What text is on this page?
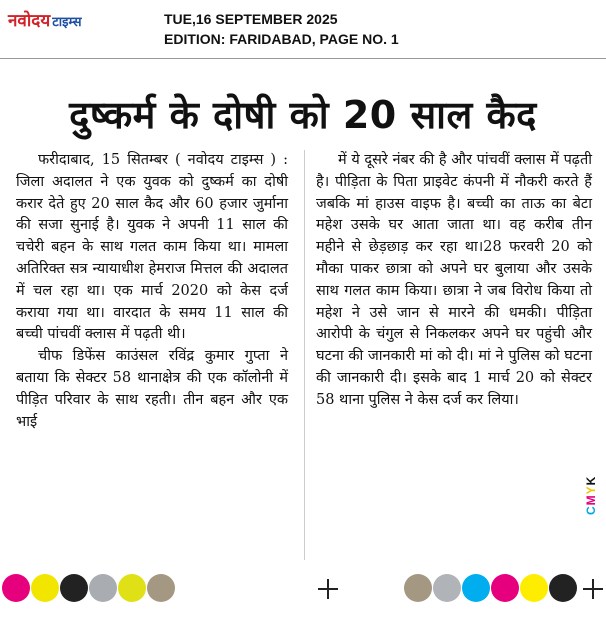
नवोदय टाइम्स	TUE,16 SEPTEMBER 2025
EDITION: FARIDABAD, PAGE NO. 1
दुष्कर्म के दोषी को 20 साल कैद

फरीदाबाद, 15 सितम्बर ( नवोदय टाइम्स ) : जिला अदालत ने एक युवक को दुष्कर्म का दोषी करार देते हुए 20 साल कैद और 60 हजार जुर्माना की सजा सुनाई है। युवक ने अपनी 11 साल की चचेरी बहन के साथ गलत काम किया था। मामला अतिरिक्त सत्र न्यायाधीश हेमराज मित्तल की अदालत में चल रहा था। एक मार्च 2020 को केस दर्ज कराया गया था। वारदात के समय 11 साल की बच्ची पांचवीं क्लास में पढ़ती थी।

चीफ डिफेंस काउंसल रविंद्र कुमार गुप्ता ने बताया कि सेक्टर 58 थानाक्षेत्र की एक कॉलोनी में पीड़ित परिवार के साथ रहती। तीन बहन और एक भाई

में ये दूसरे नंबर की है और पांचवीं क्लास में पढ़ती है। पीड़िता के पिता प्राइवेट कंपनी में नौकरी करते हैं जबकि मां हाउस वाइफ है। बच्ची का ताऊ का बेटा महेश उसके घर आता जाता था। वह करीब तीन महीने से छेड़छाड़ कर रहा था।28 फरवरी 20 को मौका पाकर छात्रा को अपने घर बुलाया और उसके साथ गलत काम किया। छात्रा ने जब विरोध किया तो महेश ने उसे जान से मारने की धमकी। पीड़िता आरोपी के चंगुल से निकलकर अपने घर पहुंची और घटना की जानकारी मां को दी। मां ने पुलिस को घटना की जानकारी दी। इसके बाद 1 मार्च 20 को सेक्टर 58 थाना पुलिस ने केस दर्ज कर लिया।

CMYK
